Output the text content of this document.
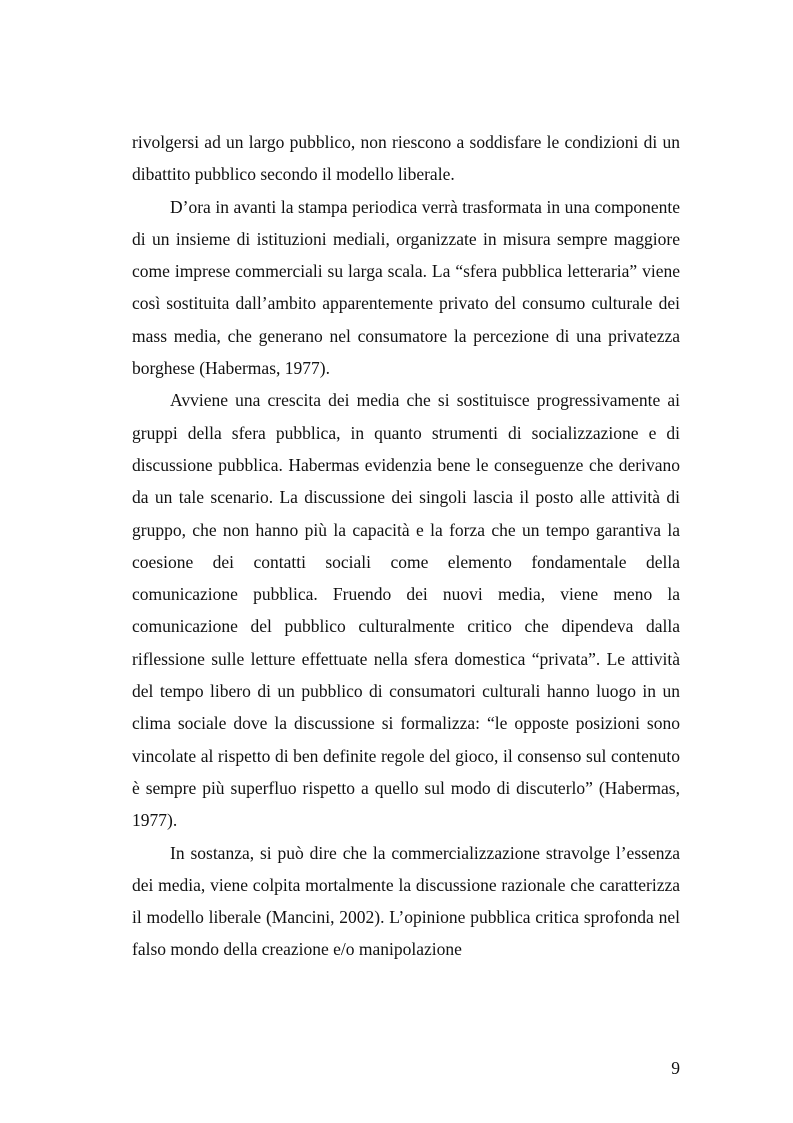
rivolgersi ad un largo pubblico, non riescono a soddisfare le condizioni di un dibattito pubblico secondo il modello liberale.

D’ora in avanti la stampa periodica verrà trasformata in una componente di un insieme di istituzioni mediali, organizzate in misura sempre maggiore come imprese commerciali su larga scala. La “sfera pubblica letteraria” viene così sostituita dall’ambito apparentemente privato del consumo culturale dei mass media, che generano nel consumatore la percezione di una privatezza borghese (Habermas, 1977).

Avviene una crescita dei media che si sostituisce progressivamente ai gruppi della sfera pubblica, in quanto strumenti di socializzazione e di discussione pubblica. Habermas evidenzia bene le conseguenze che derivano da un tale scenario. La discussione dei singoli lascia il posto alle attività di gruppo, che non hanno più la capacità e la forza che un tempo garantiva la coesione dei contatti sociali come elemento fondamentale della comunicazione pubblica. Fruendo dei nuovi media, viene meno la comunicazione del pubblico culturalmente critico che dipendeva dalla riflessione sulle letture effettuate nella sfera domestica “privata”. Le attività del tempo libero di un pubblico di consumatori culturali hanno luogo in un clima sociale dove la discussione si formalizza: “le opposte posizioni sono vincolate al rispetto di ben definite regole del gioco, il consenso sul contenuto è sempre più superfluo rispetto a quello sul modo di discuterlo” (Habermas, 1977).

In sostanza, si può dire che la commercializzazione stravolge l’essenza dei media, viene colpita mortalmente la discussione razionale che caratterizza il modello liberale (Mancini, 2002). L’opinione pubblica critica sprofonda nel falso mondo della creazione e/o manipolazione

9
